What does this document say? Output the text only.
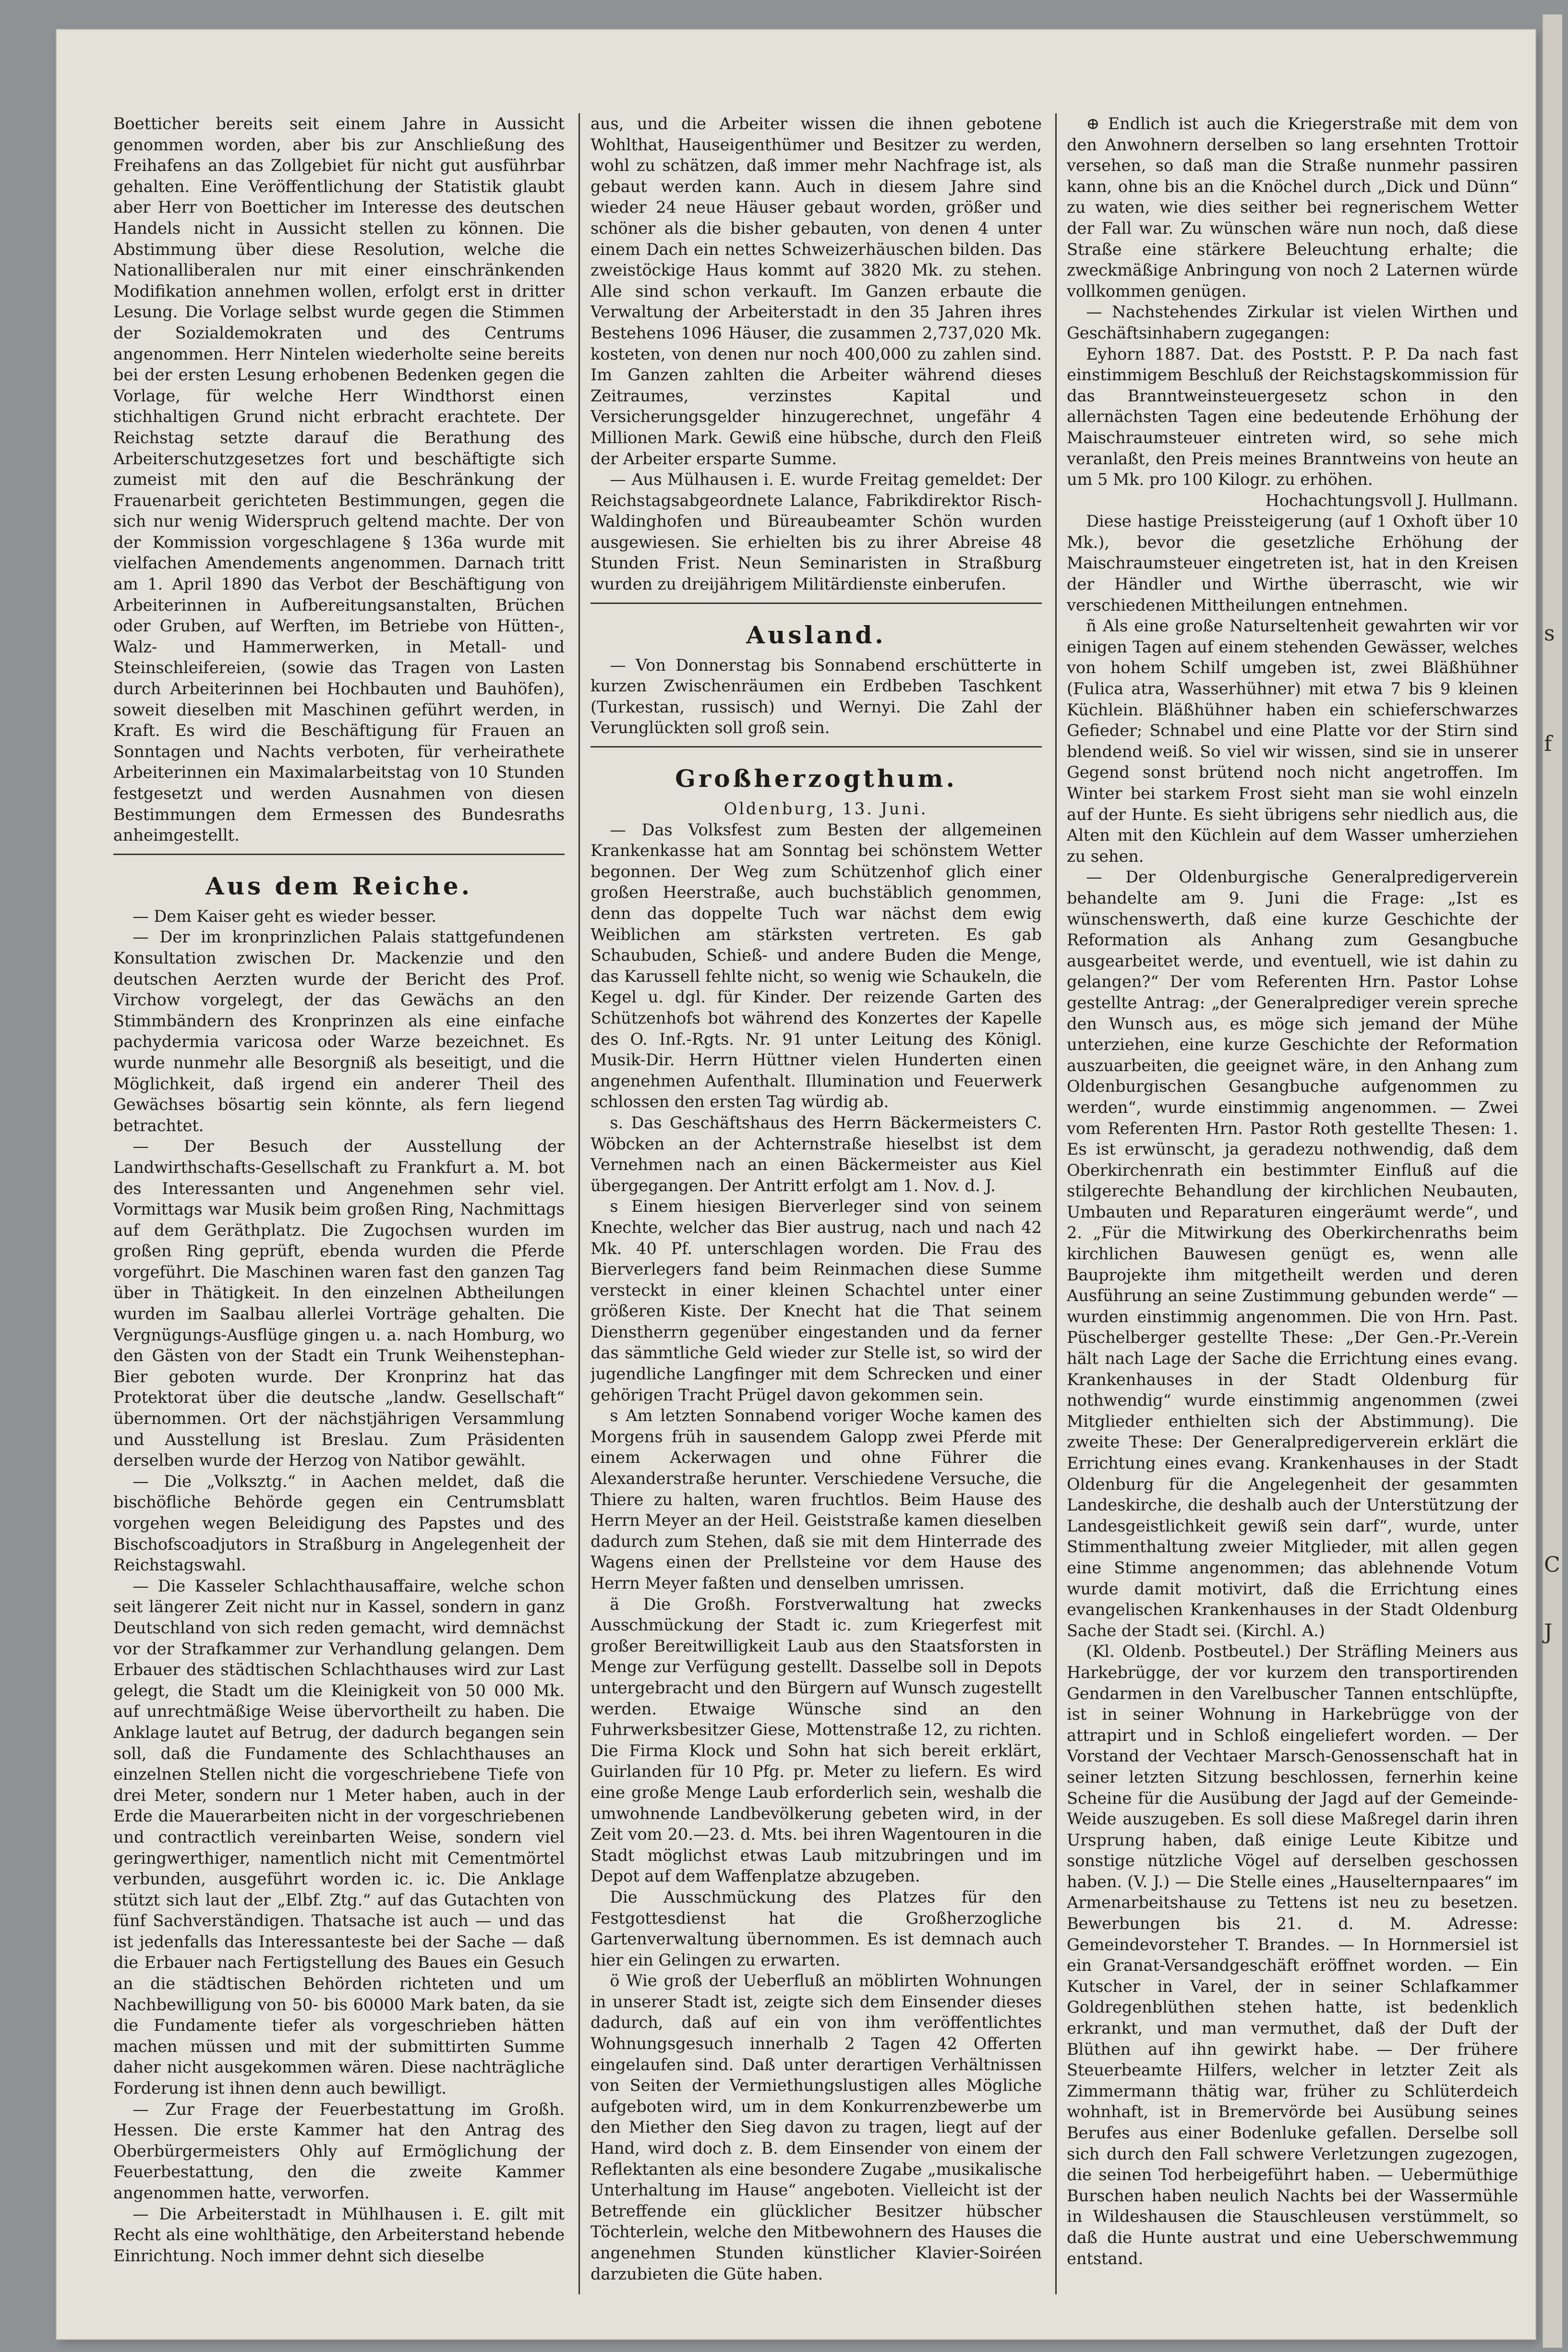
s
f
C
J

Boetticher bereits seit einem Jahre in Aussicht genommen worden, aber bis zur Anschließung des Freihafens an das Zollgebiet für nicht gut ausführbar gehalten. Eine Veröffentlichung der Statistik glaubt aber Herr von Boetticher im Interesse des deutschen Handels nicht in Aussicht stellen zu können. Die Abstimmung über diese Resolution, welche die Nationalliberalen nur mit einer einschränkenden Modifikation annehmen wollen, erfolgt erst in dritter Lesung. Die Vorlage selbst wurde gegen die Stimmen der Sozialdemokraten und des Centrums angenommen. Herr Nintelen wiederholte seine bereits bei der ersten Lesung erhobenen Bedenken gegen die Vorlage, für welche Herr Windthorst einen stichhaltigen Grund nicht erbracht erachtete. Der Reichstag setzte darauf die Berathung des Arbeiterschutzgesetzes fort und beschäftigte sich zumeist mit den auf die Beschränkung der Frauenarbeit gerichteten Bestimmungen, gegen die sich nur wenig Widerspruch geltend machte. Der von der Kommission vorgeschlagene § 136a wurde mit vielfachen Amendements angenommen. Darnach tritt am 1. April 1890 das Verbot der Beschäftigung von Arbeiterinnen in Aufbereitungsanstalten, Brüchen oder Gruben, auf Werften, im Betriebe von Hütten-, Walz- und Hammerwerken, in Metall- und Steinschleifereien, (sowie das Tragen von Lasten durch Arbeiterinnen bei Hochbauten und Bauhöfen), soweit dieselben mit Maschinen geführt werden, in Kraft. Es wird die Beschäftigung für Frauen an Sonntagen und Nachts verboten, für verheirathete Arbeiterinnen ein Maximalarbeitstag von 10 Stunden festgesetzt und werden Ausnahmen von diesen Bestimmungen dem Ermessen des Bundesraths anheimgestellt.

Aus dem Reiche.

— Dem Kaiser geht es wieder besser.

— Der im kronprinzlichen Palais stattgefundenen Konsultation zwischen Dr. Mackenzie und den deutschen Aerzten wurde der Bericht des Prof. Virchow vorgelegt, der das Gewächs an den Stimmbändern des Kronprinzen als eine einfache pachydermia varicosa oder Warze bezeichnet. Es wurde nunmehr alle Besorgniß als beseitigt, und die Möglichkeit, daß irgend ein anderer Theil des Gewächses bösartig sein könnte, als fern liegend betrachtet.

— Der Besuch der Ausstellung der Landwirthschafts-Gesellschaft zu Frankfurt a. M. bot des Interessanten und Angenehmen sehr viel. Vormittags war Musik beim großen Ring, Nachmittags auf dem Geräthplatz. Die Zugochsen wurden im großen Ring geprüft, ebenda wurden die Pferde vorgeführt. Die Maschinen waren fast den ganzen Tag über in Thätigkeit. In den einzelnen Abtheilungen wurden im Saalbau allerlei Vorträge gehalten. Die Vergnügungs-Ausflüge gingen u. a. nach Homburg, wo den Gästen von der Stadt ein Trunk Weihenstephan-Bier geboten wurde. Der Kronprinz hat das Protektorat über die deutsche „landw. Gesellschaft“ übernommen. Ort der nächstjährigen Versammlung und Ausstellung ist Breslau. Zum Präsidenten derselben wurde der Herzog von Natibor gewählt.

— Die „Volksztg.“ in Aachen meldet, daß die bischöfliche Behörde gegen ein Centrumsblatt vorgehen wegen Beleidigung des Papstes und des Bischofscoadjutors in Straßburg in Angelegenheit der Reichstagswahl.

— Die Kasseler Schlachthausaffaire, welche schon seit längerer Zeit nicht nur in Kassel, sondern in ganz Deutschland von sich reden gemacht, wird demnächst vor der Strafkammer zur Verhandlung gelangen. Dem Erbauer des städtischen Schlachthauses wird zur Last gelegt, die Stadt um die Kleinigkeit von 50 000 Mk. auf unrechtmäßige Weise übervortheilt zu haben. Die Anklage lautet auf Betrug, der dadurch begangen sein soll, daß die Fundamente des Schlachthauses an einzelnen Stellen nicht die vorgeschriebene Tiefe von drei Meter, sondern nur 1 Meter haben, auch in der Erde die Mauerarbeiten nicht in der vorgeschriebenen und contractlich vereinbarten Weise, sondern viel geringwerthiger, namentlich nicht mit Cementmörtel verbunden, ausgeführt worden ic. ic. Die Anklage stützt sich laut der „Elbf. Ztg.“ auf das Gutachten von fünf Sachverständigen. Thatsache ist auch — und das ist jedenfalls das Interessanteste bei der Sache — daß die Erbauer nach Fertigstellung des Baues ein Gesuch an die städtischen Behörden richteten und um Nachbewilligung von 50- bis 60000 Mark baten, da sie die Fundamente tiefer als vorgeschrieben hätten machen müssen und mit der submittirten Summe daher nicht ausgekommen wären. Diese nachträgliche Forderung ist ihnen denn auch bewilligt.

— Zur Frage der Feuerbestattung im Großh. Hessen. Die erste Kammer hat den Antrag des Oberbürgermeisters Ohly auf Ermöglichung der Feuerbestattung, den die zweite Kammer angenommen hatte, verworfen.

— Die Arbeiterstadt in Mühlhausen i. E. gilt mit Recht als eine wohlthätige, den Arbeiterstand hebende Einrichtung. Noch immer dehnt sich dieselbe

aus, und die Arbeiter wissen die ihnen gebotene Wohlthat, Hauseigenthümer und Besitzer zu werden, wohl zu schätzen, daß immer mehr Nachfrage ist, als gebaut werden kann. Auch in diesem Jahre sind wieder 24 neue Häuser gebaut worden, größer und schöner als die bisher gebauten, von denen 4 unter einem Dach ein nettes Schweizerhäuschen bilden. Das zweistöckige Haus kommt auf 3820 Mk. zu stehen. Alle sind schon verkauft. Im Ganzen erbaute die Verwaltung der Arbeiterstadt in den 35 Jahren ihres Bestehens 1096 Häuser, die zusammen 2,737,020 Mk. kosteten, von denen nur noch 400,000 zu zahlen sind. Im Ganzen zahlten die Arbeiter während dieses Zeitraumes, verzinstes Kapital und Versicherungsgelder hinzugerechnet, ungefähr 4 Millionen Mark. Gewiß eine hübsche, durch den Fleiß der Arbeiter ersparte Summe.

— Aus Mülhausen i. E. wurde Freitag gemeldet: Der Reichstagsabgeordnete Lalance, Fabrikdirektor Risch-Waldinghofen und Büreaubeamter Schön wurden ausgewiesen. Sie erhielten bis zu ihrer Abreise 48 Stunden Frist. Neun Seminaristen in Straßburg wurden zu dreijährigem Militärdienste einberufen.

Ausland.

— Von Donnerstag bis Sonnabend erschütterte in kurzen Zwischenräumen ein Erdbeben Taschkent (Turkestan, russisch) und Wernyi. Die Zahl der Verunglückten soll groß sein.

Großherzogthum.

Oldenburg, 13. Juni.

— Das Volksfest zum Besten der allgemeinen Krankenkasse hat am Sonntag bei schönstem Wetter begonnen. Der Weg zum Schützenhof glich einer großen Heerstraße, auch buchstäblich genommen, denn das doppelte Tuch war nächst dem ewig Weiblichen am stärksten vertreten. Es gab Schaubuden, Schieß- und andere Buden die Menge, das Karussell fehlte nicht, so wenig wie Schaukeln, die Kegel u. dgl. für Kinder. Der reizende Garten des Schützenhofs bot während des Konzertes der Kapelle des O. Inf.-Rgts. Nr. 91 unter Leitung des Königl. Musik-Dir. Herrn Hüttner vielen Hunderten einen angenehmen Aufenthalt. Illumination und Feuerwerk schlossen den ersten Tag würdig ab.

s. Das Geschäftshaus des Herrn Bäckermeisters C. Wöbcken an der Achternstraße hieselbst ist dem Vernehmen nach an einen Bäckermeister aus Kiel übergegangen. Der Antritt erfolgt am 1. Nov. d. J.

s Einem hiesigen Bierverleger sind von seinem Knechte, welcher das Bier austrug, nach und nach 42 Mk. 40 Pf. unterschlagen worden. Die Frau des Bierverlegers fand beim Reinmachen diese Summe versteckt in einer kleinen Schachtel unter einer größeren Kiste. Der Knecht hat die That seinem Dienstherrn gegenüber eingestanden und da ferner das sämmtliche Geld wieder zur Stelle ist, so wird der jugendliche Langfinger mit dem Schrecken und einer gehörigen Tracht Prügel davon gekommen sein.

s Am letzten Sonnabend voriger Woche kamen des Morgens früh in sausendem Galopp zwei Pferde mit einem Ackerwagen und ohne Führer die Alexanderstraße herunter. Verschiedene Versuche, die Thiere zu halten, waren fruchtlos. Beim Hause des Herrn Meyer an der Heil. Geiststraße kamen dieselben dadurch zum Stehen, daß sie mit dem Hinterrade des Wagens einen der Prellsteine vor dem Hause des Herrn Meyer faßten und denselben umrissen.

ä Die Großh. Forstverwaltung hat zwecks Ausschmückung der Stadt ic. zum Kriegerfest mit großer Bereitwilligkeit Laub aus den Staatsforsten in Menge zur Verfügung gestellt. Dasselbe soll in Depots untergebracht und den Bürgern auf Wunsch zugestellt werden. Etwaige Wünsche sind an den Fuhrwerksbesitzer Giese, Mottenstraße 12, zu richten. Die Firma Klock und Sohn hat sich bereit erklärt, Guirlanden für 10 Pfg. pr. Meter zu liefern. Es wird eine große Menge Laub erforderlich sein, weshalb die umwohnende Landbevölkerung gebeten wird, in der Zeit vom 20.—23. d. Mts. bei ihren Wagentouren in die Stadt möglichst etwas Laub mitzubringen und im Depot auf dem Waffenplatze abzugeben.

Die Ausschmückung des Platzes für den Festgottesdienst hat die Großherzogliche Gartenverwaltung übernommen. Es ist demnach auch hier ein Gelingen zu erwarten.

ö Wie groß der Ueberfluß an möblirten Wohnungen in unserer Stadt ist, zeigte sich dem Einsender dieses dadurch, daß auf ein von ihm veröffentlichtes Wohnungsgesuch innerhalb 2 Tagen 42 Offerten eingelaufen sind. Daß unter derartigen Verhältnissen von Seiten der Vermiethungslustigen alles Mögliche aufgeboten wird, um in dem Konkurrenzbewerbe um den Miether den Sieg davon zu tragen, liegt auf der Hand, wird doch z. B. dem Einsender von einem der Reflektanten als eine besondere Zugabe „musikalische Unterhaltung im Hause“ angeboten. Vielleicht ist der Betreffende ein glücklicher Besitzer hübscher Töchterlein, welche den Mitbewohnern des Hauses die angenehmen Stunden künstlicher Klavier-Soiréen darzubieten die Güte haben.

⊕ Endlich ist auch die Kriegerstraße mit dem von den Anwohnern derselben so lang ersehnten Trottoir versehen, so daß man die Straße nunmehr passiren kann, ohne bis an die Knöchel durch „Dick und Dünn“ zu waten, wie dies seither bei regnerischem Wetter der Fall war. Zu wünschen wäre nun noch, daß diese Straße eine stärkere Beleuchtung erhalte; die zweckmäßige Anbringung von noch 2 Laternen würde vollkommen genügen.

— Nachstehendes Zirkular ist vielen Wirthen und Geschäftsinhabern zugegangen:

Eyhorn 1887. Dat. des Poststt. P. P. Da nach fast einstimmigem Beschluß der Reichstagskommission für das Branntweinsteuergesetz schon in den allernächsten Tagen eine bedeutende Erhöhung der Maischraumsteuer eintreten wird, so sehe mich veranlaßt, den Preis meines Branntweins von heute an um 5 Mk. pro 100 Kilogr. zu erhöhen.

Hochachtungsvoll J. Hullmann.

Diese hastige Preissteigerung (auf 1 Oxhoft über 10 Mk.), bevor die gesetzliche Erhöhung der Maischraumsteuer eingetreten ist, hat in den Kreisen der Händler und Wirthe überrascht, wie wir verschiedenen Mittheilungen entnehmen.

ñ Als eine große Naturseltenheit gewahrten wir vor einigen Tagen auf einem stehenden Gewässer, welches von hohem Schilf umgeben ist, zwei Bläßhühner (Fulica atra, Wasserhühner) mit etwa 7 bis 9 kleinen Küchlein. Bläßhühner haben ein schieferschwarzes Gefieder; Schnabel und eine Platte vor der Stirn sind blendend weiß. So viel wir wissen, sind sie in unserer Gegend sonst brütend noch nicht angetroffen. Im Winter bei starkem Frost sieht man sie wohl einzeln auf der Hunte. Es sieht übrigens sehr niedlich aus, die Alten mit den Küchlein auf dem Wasser umherziehen zu sehen.

— Der Oldenburgische Generalpredigerverein behandelte am 9. Juni die Frage: „Ist es wünschenswerth, daß eine kurze Geschichte der Reformation als Anhang zum Gesangbuche ausgearbeitet werde, und eventuell, wie ist dahin zu gelangen?“ Der vom Referenten Hrn. Pastor Lohse gestellte Antrag: „der Generalprediger verein spreche den Wunsch aus, es möge sich jemand der Mühe unterziehen, eine kurze Geschichte der Reformation auszuarbeiten, die geeignet wäre, in den Anhang zum Oldenburgischen Gesangbuche aufgenommen zu werden“, wurde einstimmig angenommen. — Zwei vom Referenten Hrn. Pastor Roth gestellte Thesen: 1. Es ist erwünscht, ja geradezu nothwendig, daß dem Oberkirchenrath ein bestimmter Einfluß auf die stilgerechte Behandlung der kirchlichen Neubauten, Umbauten und Reparaturen eingeräumt werde“, und 2. „Für die Mitwirkung des Oberkirchenraths beim kirchlichen Bauwesen genügt es, wenn alle Bauprojekte ihm mitgetheilt werden und deren Ausführung an seine Zustimmung gebunden werde“ — wurden einstimmig angenommen. Die von Hrn. Past. Püschelberger gestellte These: „Der Gen.-Pr.-Verein hält nach Lage der Sache die Errichtung eines evang. Krankenhauses in der Stadt Oldenburg für nothwendig“ wurde einstimmig angenommen (zwei Mitglieder enthielten sich der Abstimmung). Die zweite These: Der Generalpredigerverein erklärt die Errichtung eines evang. Krankenhauses in der Stadt Oldenburg für die Angelegenheit der gesammten Landeskirche, die deshalb auch der Unterstützung der Landesgeistlichkeit gewiß sein darf“, wurde, unter Stimmenthaltung zweier Mitglieder, mit allen gegen eine Stimme angenommen; das ablehnende Votum wurde damit motivirt, daß die Errichtung eines evangelischen Krankenhauses in der Stadt Oldenburg Sache der Stadt sei. (Kirchl. A.)

(Kl. Oldenb. Postbeutel.) Der Sträfling Meiners aus Harkebrügge, der vor kurzem den transportirenden Gendarmen in den Varelbuscher Tannen entschlüpfte, ist in seiner Wohnung in Harkebrügge von der attrapirt und in Schloß eingeliefert worden. — Der Vorstand der Vechtaer Marsch-Genossenschaft hat in seiner letzten Sitzung beschlossen, fernerhin keine Scheine für die Ausübung der Jagd auf der Gemeinde-Weide auszugeben. Es soll diese Maßregel darin ihren Ursprung haben, daß einige Leute Kibitze und sonstige nützliche Vögel auf derselben geschossen haben. (V. J.) — Die Stelle eines „Hauselternpaares“ im Armenarbeitshause zu Tettens ist neu zu besetzen. Bewerbungen bis 21. d. M. Adresse: Gemeindevorsteher T. Brandes. — In Hornmersiel ist ein Granat-Versandgeschäft eröffnet worden. — Ein Kutscher in Varel, der in seiner Schlafkammer Goldregenblüthen stehen hatte, ist bedenklich erkrankt, und man vermuthet, daß der Duft der Blüthen auf ihn gewirkt habe. — Der frühere Steuerbeamte Hilfers, welcher in letzter Zeit als Zimmermann thätig war, früher zu Schlüterdeich wohnhaft, ist in Bremervörde bei Ausübung seines Berufes aus einer Bodenluke gefallen. Derselbe soll sich durch den Fall schwere Verletzungen zugezogen, die seinen Tod herbeigeführt haben. — Uebermüthige Burschen haben neulich Nachts bei der Wassermühle in Wildeshausen die Stauschleusen verstümmelt, so daß die Hunte austrat und eine Ueberschwemmung entstand.
